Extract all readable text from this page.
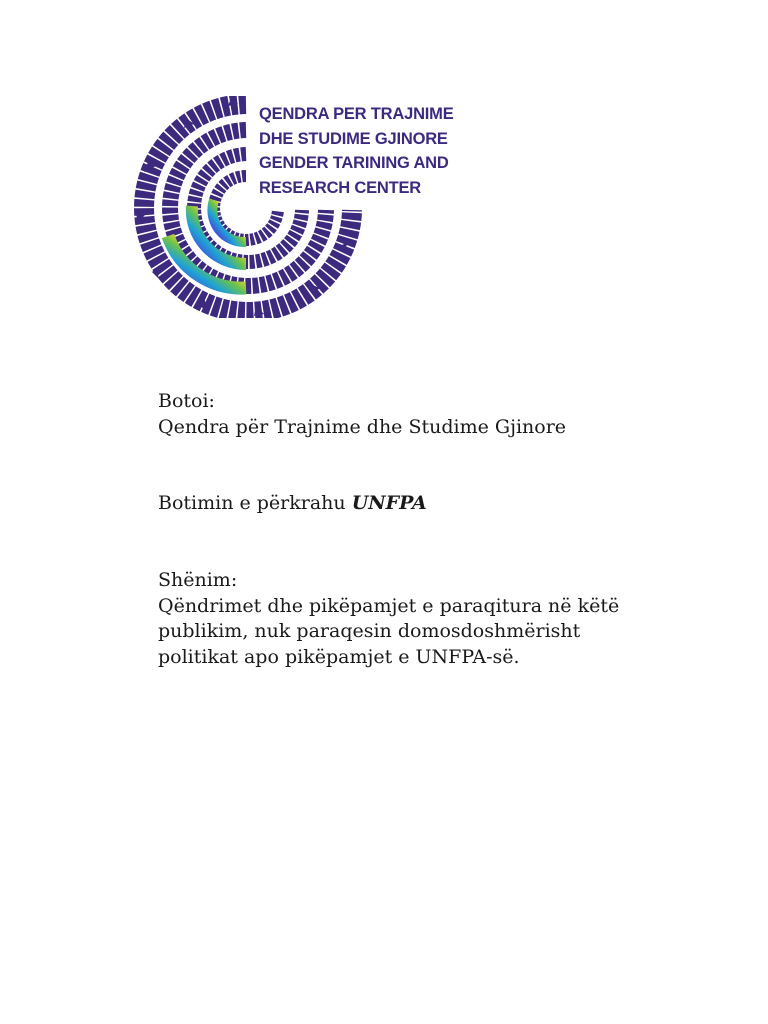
QENDRA PER TRAJNIME
DHE STUDIME GJINORE
GENDER TARINING AND
RESEARCH CENTER
Botoi:
Qendra për Trajnime dhe Studime Gjinore
Botimin e përkrahu UNFPA
Shënim:
Qëndrimet dhe pikëpamjet e paraqitura në këtë
publikim, nuk paraqesin domosdoshmërisht
politikat apo pikëpamjet e UNFPA-së.
